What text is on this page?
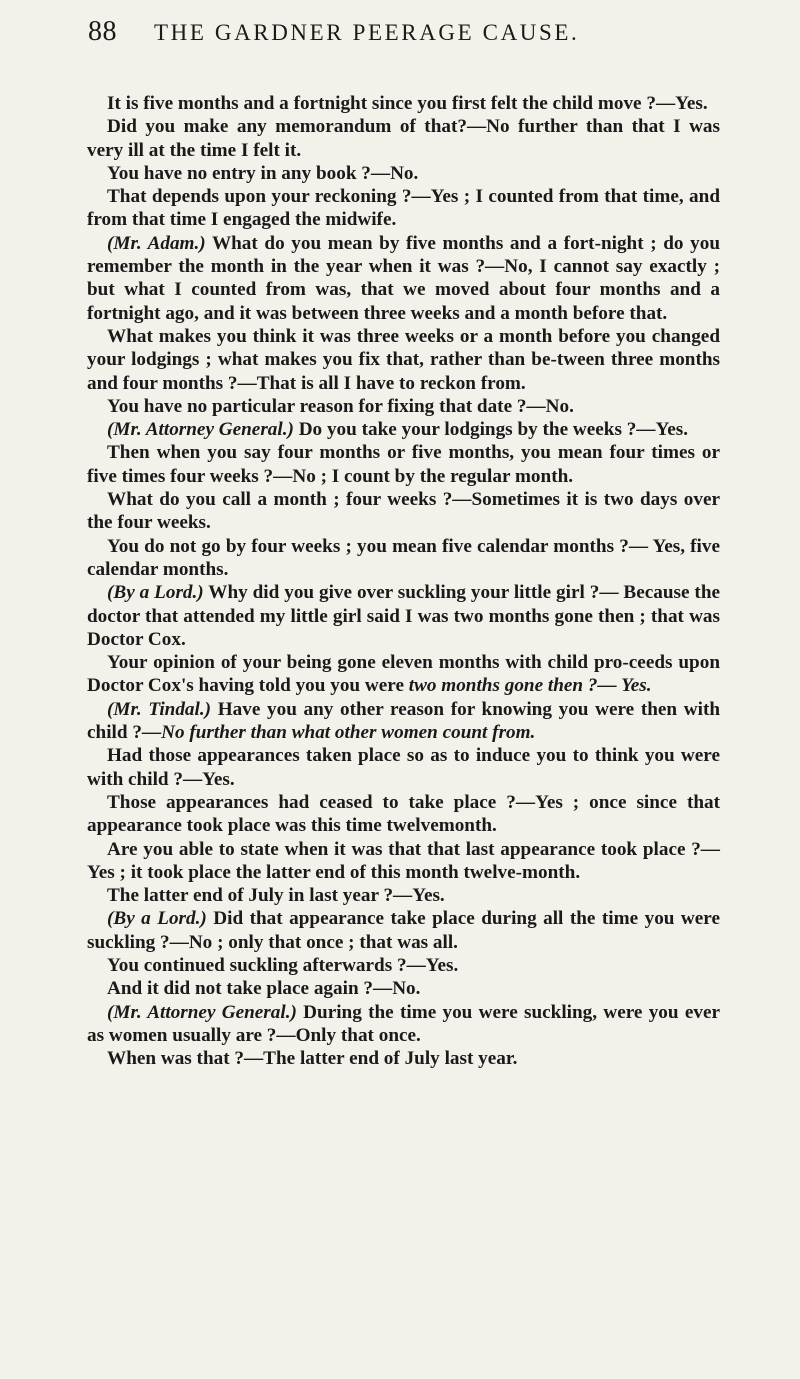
88 THE GARDNER PEERAGE CAUSE.

It is five months and a fortnight since you first felt the child move ?—Yes.

Did you make any memorandum of that?—No further than that I was very ill at the time I felt it.

You have no entry in any book ?—No.

That depends upon your reckoning ?—Yes ; I counted from that time, and from that time I engaged the midwife.

(Mr. Adam.) What do you mean by five months and a fort-night ; do you remember the month in the year when it was ?—No, I cannot say exactly ; but what I counted from was, that we moved about four months and a fortnight ago, and it was between three weeks and a month before that.

What makes you think it was three weeks or a month before you changed your lodgings ; what makes you fix that, rather than be-tween three months and four months ?—That is all I have to reckon from.

You have no particular reason for fixing that date ?—No.

(Mr. Attorney General.) Do you take your lodgings by the weeks ?—Yes.

Then when you say four months or five months, you mean four times or five times four weeks ?—No ; I count by the regular month.

What do you call a month ; four weeks ?—Sometimes it is two days over the four weeks.

You do not go by four weeks ; you mean five calendar months ?— Yes, five calendar months.

(By a Lord.) Why did you give over suckling your little girl ?— Because the doctor that attended my little girl said I was two months gone then ; that was Doctor Cox.

Your opinion of your being gone eleven months with child pro-ceeds upon Doctor Cox's having told you you were two months gone then ?— Yes.

(Mr. Tindal.) Have you any other reason for knowing you were then with child ?—No further than what other women count from.

Had those appearances taken place so as to induce you to think you were with child ?—Yes.

Those appearances had ceased to take place ?—Yes ; once since that appearance took place was this time twelvemonth.

Are you able to state when it was that that last appearance took place ?—Yes ; it took place the latter end of this month twelve-month.

The latter end of July in last year ?—Yes.

(By a Lord.) Did that appearance take place during all the time you were suckling ?—No ; only that once ; that was all.

You continued suckling afterwards ?—Yes.

And it did not take place again ?—No.

(Mr. Attorney General.) During the time you were suckling, were you ever as women usually are ?—Only that once.

When was that ?—The latter end of July last year.
